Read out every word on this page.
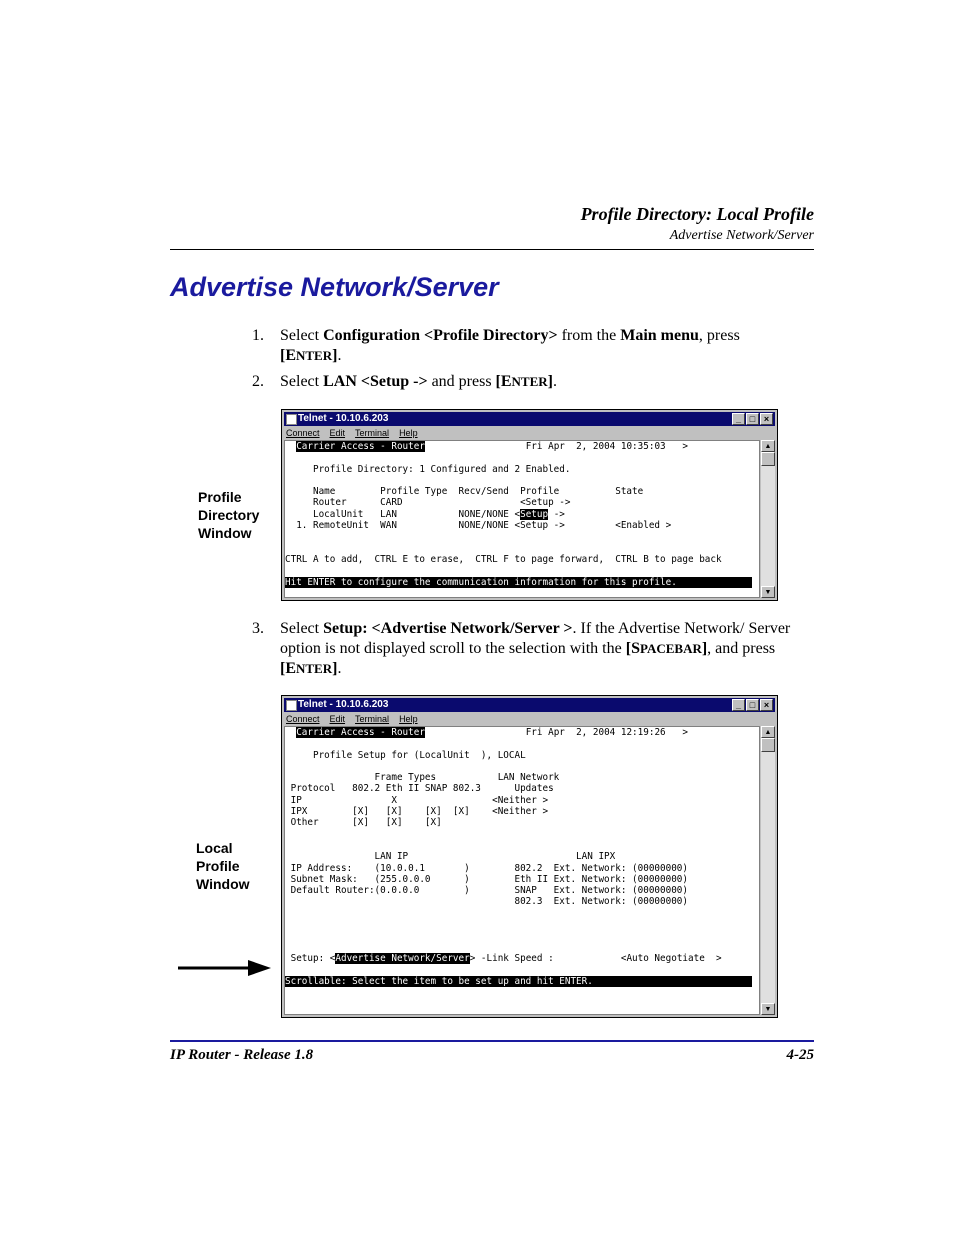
Profile Directory: Local Profile
Advertise Network/Server
Advertise Network/Server
1. Select Configuration <Profile Directory> from the Main menu, press
[ENTER].
2. Select LAN <Setup -> and press [ENTER].
Profile
Directory
Window
Telnet - 10.10.6.203	_ □ ×
Connect Edit Terminal Help
Carrier Access - Router                  Fri Apr  2, 2004 10:35:03   >

Profile Directory: 1 Configured and 2 Enabled.

Name        Profile Type  Recv/Send  Profile          State
Router      CARD                     <Setup ->
LocalUnit   LAN           NONE/NONE <Setup ->
1. RemoteUnit  WAN           NONE/NONE <Setup ->         <Enabled >

CTRL A to add,  CTRL E to erase,  CTRL F to page forward,  CTRL B to page back

Hit ENTER to configure the communication information for this profile.
▲
▼
3. Select Setup: <Advertise Network/Server >. If the Advertise Network/ Server option is not displayed scroll to the selection with the [SPACEBAR], and press [ENTER].
Local
Profile
Window
Telnet - 10.10.6.203	_ □ ×
Connect Edit Terminal Help
Carrier Access - Router                  Fri Apr  2, 2004 12:19:26   >

Profile Setup for (LocalUnit  ), LOCAL

Frame Types           LAN Network
Protocol   802.2 Eth II SNAP 802.3      Updates
IP                X                 <Neither >
IPX        [X]   [X]    [X]  [X]    <Neither >
Other      [X]   [X]    [X]

LAN IP                              LAN IPX
IP Address:    (10.0.0.1       )        802.2  Ext. Network: (00000000)
Subnet Mask:   (255.0.0.0      )        Eth II Ext. Network: (00000000)
Default Router:(0.0.0.0        )        SNAP   Ext. Network: (00000000)
802.3  Ext. Network: (00000000)

Setup: <Advertise Network/Server> -Link Speed :            <Auto Negotiate  >

Scrollable: Select the item to be set up and hit ENTER.
▲
▼
IP Router - Release 1.8	4-25
